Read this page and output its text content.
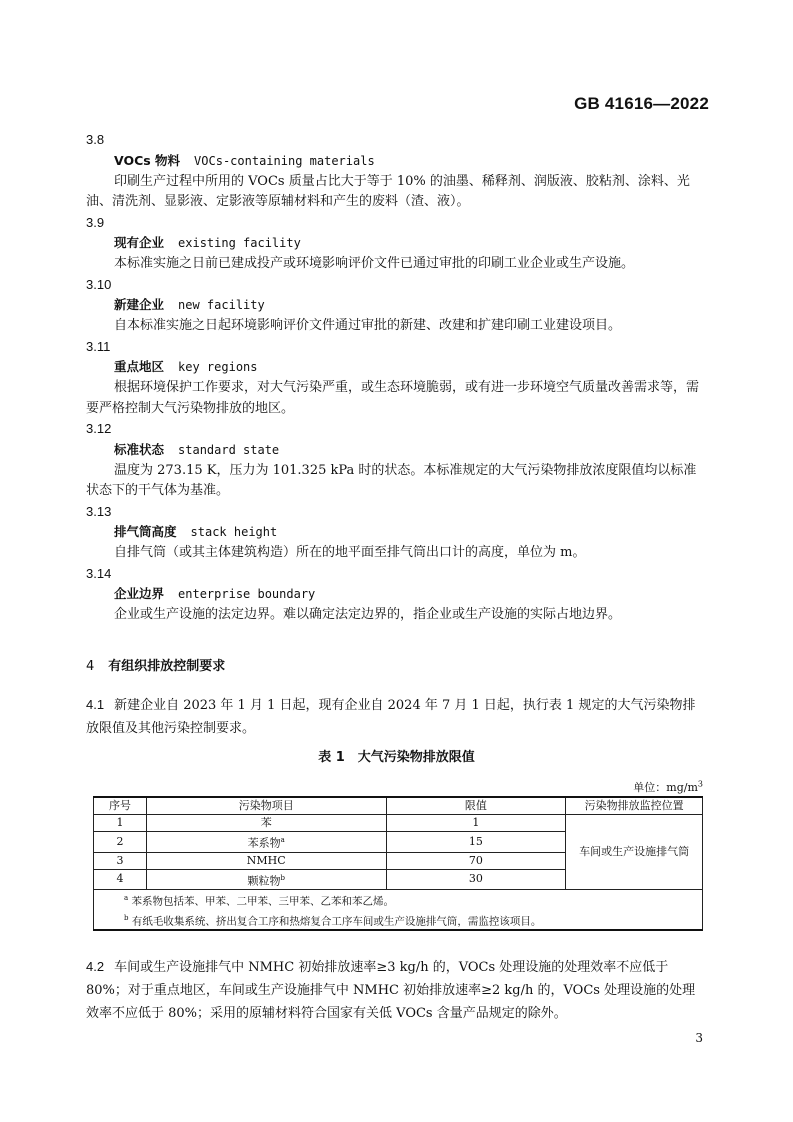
GB 41616—2022
3.8
VOCs 物料 VOCs-containing materials

印刷生产过程中所用的 VOCs 质量占比大于等于 10% 的油墨、稀释剂、润版液、胶粘剂、涂料、光油、清洗剂、显影液、定影液等原辅材料和产生的废料（渣、液）。

3.9
现有企业 existing facility

本标准实施之日前已建成投产或环境影响评价文件已通过审批的印刷工业企业或生产设施。

3.10
新建企业 new facility

自本标准实施之日起环境影响评价文件通过审批的新建、改建和扩建印刷工业建设项目。

3.11
重点地区 key regions

根据环境保护工作要求，对大气污染严重，或生态环境脆弱，或有进一步环境空气质量改善需求等，需要严格控制大气污染物排放的地区。

3.12
标准状态 standard state

温度为 273.15 K，压力为 101.325 kPa 时的状态。本标准规定的大气污染物排放浓度限值均以标准状态下的干气体为基准。

3.13
排气筒高度 stack height

自排气筒（或其主体建筑构造）所在的地平面至排气筒出口计的高度，单位为 m。

3.14
企业边界 enterprise boundary

企业或生产设施的法定边界。难以确定法定边界的，指企业或生产设施的实际占地边界。

4 有组织排放控制要求

4.1 新建企业自 2023 年 1 月 1 日起，现有企业自 2024 年 7 月 1 日起，执行表 1 规定的大气污染物排放限值及其他污染控制要求。

表 1　大气污染物排放限值
单位：$mg/m^3$
序号	污染物项目	限值	污染物排放监控位置
1	苯	1	车间或生产设施排气筒
2	苯系物$^a$	15	
3	NMHC	70	
4	颗粒物$^b$	30	

$^a$ 苯系物包括苯、甲苯、二甲苯、三甲苯、乙苯和苯乙烯。
$^b$ 有纸毛收集系统、挤出复合工序和热熔复合工序车间或生产设施排气筒，需监控该项目。			

4.2 车间或生产设施排气中 NMHC 初始排放速率≥3 kg/h 的，VOCs 处理设施的处理效率不应低于 80%；对于重点地区，车间或生产设施排气中 NMHC 初始排放速率≥2 kg/h 的，VOCs 处理设施的处理效率不应低于 80%；采用的原辅材料符合国家有关低 VOCs 含量产品规定的除外。

3
